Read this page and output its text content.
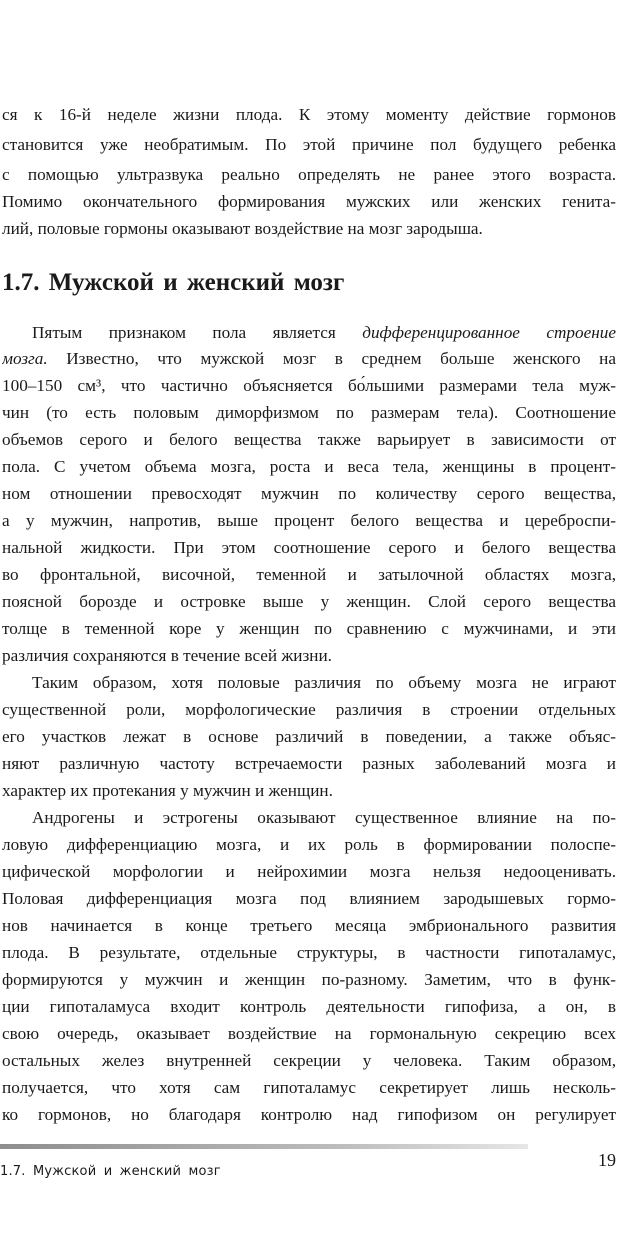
ся к 16-й неделе жизни плода. К этому моменту действие гормонов
становится уже необратимым. По этой причине пол будущего ребенка
с помощью ультразвука реально определять не ранее этого возраста.
Помимо окончательного формирования мужских или женских генита-
лий, половые гормоны оказывают воздействие на мозг зародыша.
1.7. Мужской и женский мозг
Пятым признаком пола является дифференцированное строение
мозга. Известно, что мужской мозг в среднем больше женского на
100–150 см³, что частично объясняется бо́льшими размерами тела муж-
чин (то есть половым диморфизмом по размерам тела). Соотношение
объемов серого и белого вещества также варьирует в зависимости от
пола. С учетом объема мозга, роста и веса тела, женщины в процент-
ном отношении превосходят мужчин по количеству серого вещества,
а у мужчин, напротив, выше процент белого вещества и цереброспи-
нальной жидкости. При этом соотношение серого и белого вещества
во фронтальной, височной, теменной и затылочной областях мозга,
поясной борозде и островке выше у женщин. Слой серого вещества
толще в теменной коре у женщин по сравнению с мужчинами, и эти
различия сохраняются в течение всей жизни.
Таким образом, хотя половые различия по объему мозга не играют
существенной роли, морфологические различия в строении отдельных
его участков лежат в основе различий в поведении, а также объяс-
няют различную частоту встречаемости разных заболеваний мозга и
характер их протекания у мужчин и женщин.
Андрогены и эстрогены оказывают существенное влияние на по-
ловую дифференциацию мозга, и их роль в формировании полоспе-
цифической морфологии и нейрохимии мозга нельзя недооценивать.
Половая дифференциация мозга под влиянием зародышевых гормо-
нов начинается в конце третьего месяца эмбрионального развития
плода. В результате, отдельные структуры, в частности гипоталамус,
формируются у мужчин и женщин по-разному. Заметим, что в функ-
ции гипоталамуса входит контроль деятельности гипофиза, а он, в
свою очередь, оказывает воздействие на гормональную секрецию всех
остальных желез внутренней секреции у человека. Таким образом,
получается, что хотя сам гипоталамус секретирует лишь несколь-
ко гормонов, но благодаря контролю над гипофизом он регулирует
1.7. Мужской и женский мозг
19
